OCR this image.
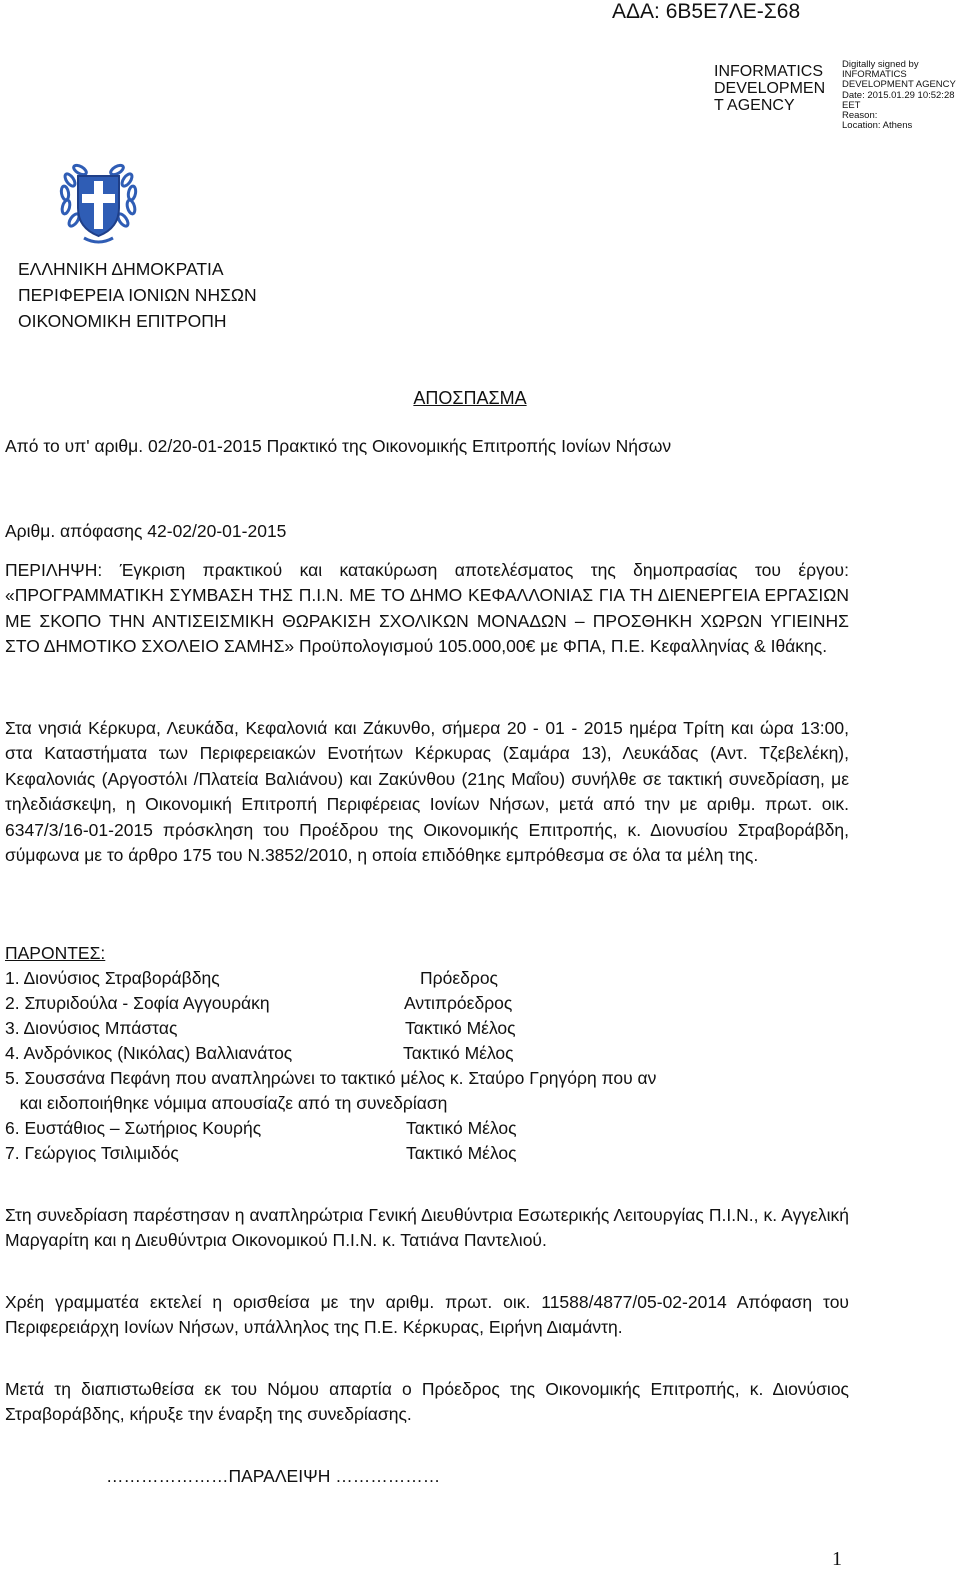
ΑΔΑ: 6Β5Ε7ΛΕ-Σ68
INFORMATICS
DEVELOPMEN
T AGENCY
Digitally signed by
INFORMATICS
DEVELOPMENT AGENCY
Date: 2015.01.29 10:52:28
EET
Reason:
Location: Athens
ΕΛΛΗΝΙΚΗ ΔΗΜΟΚΡΑΤΙΑ
ΠΕΡΙΦΕΡΕΙΑ ΙΟΝΙΩΝ ΝΗΣΩΝ
ΟΙΚΟΝΟΜΙΚΗ ΕΠΙΤΡΟΠΗ
ΑΠΟΣΠΑΣΜΑ
Από το υπ' αριθμ. 02/20-01-2015 Πρακτικό της Οικονομικής Επιτροπής Ιονίων Νήσων
Αριθμ. απόφασης 42-02/20-01-2015
ΠΕΡΙΛΗΨΗ: Έγκριση πρακτικού και κατακύρωση αποτελέσματος της δημοπρασίας του έργου: «ΠΡΟΓΡΑΜΜΑΤΙΚΗ ΣΥΜΒΑΣΗ ΤΗΣ Π.Ι.Ν. ΜΕ ΤΟ ΔΗΜΟ ΚΕΦΑΛΛΟΝΙΑΣ ΓΙΑ ΤΗ ΔΙΕΝΕΡΓΕΙΑ ΕΡΓΑΣΙΩΝ ΜΕ ΣΚΟΠΟ ΤΗΝ ΑΝΤΙΣΕΙΣΜΙΚΗ ΘΩΡΑΚΙΣΗ ΣΧΟΛΙΚΩΝ ΜΟΝΑΔΩΝ – ΠΡΟΣΘΗΚΗ ΧΩΡΩΝ ΥΓΙΕΙΝΗΣ ΣΤΟ ΔΗΜΟΤΙΚΟ ΣΧΟΛΕΙΟ ΣΑΜΗΣ» Προϋπολογισμού 105.000,00€ με ΦΠΑ, Π.Ε. Κεφαλληνίας & Ιθάκης.
Στα νησιά Κέρκυρα, Λευκάδα, Κεφαλονιά και Ζάκυνθο, σήμερα 20 - 01 - 2015 ημέρα Τρίτη και ώρα 13:00, στα Καταστήματα των Περιφερειακών Ενοτήτων Κέρκυρας (Σαμάρα 13), Λευκάδας (Αντ. Τζεβελέκη), Κεφαλονιάς (Αργοστόλι /Πλατεία Βαλιάνου) και Ζακύνθου (21ης Μαΐου) συνήλθε σε τακτική συνεδρίαση, με τηλεδιάσκεψη, η Οικονομική Επιτροπή Περιφέρειας Ιονίων Νήσων, μετά από την με αριθμ. πρωτ. οικ. 6347/3/16-01-2015 πρόσκληση του Προέδρου της Οικονομικής Επιτροπής, κ. Διονυσίου Στραβοράβδη, σύμφωνα με το άρθρο 175 του Ν.3852/2010, η οποία επιδόθηκε εμπρόθεσμα σε όλα τα μέλη της.
ΠΑΡΟΝΤΕΣ:
1. Διονύσιος Στραβοράβδης	Πρόεδρος
2. Σπυριδούλα - Σοφία Αγγουράκη	Αντιπρόεδρος
3. Διονύσιος Μπάστας	Τακτικό Μέλος
4. Ανδρόνικος (Νικόλας) Βαλλιανάτος	Τακτικό Μέλος
5. Σουσσάνα Πεφάνη που αναπληρώνει το τακτικό μέλος κ. Σταύρο Γρηγόρη που αν
και ειδοποιήθηκε νόμιμα απουσίαζε από τη συνεδρίαση
6. Ευστάθιος – Σωτήριος Κουρής	Τακτικό Μέλος
7. Γεώργιος Τσιλιμιδός	Τακτικό Μέλος
Στη συνεδρίαση παρέστησαν η αναπληρώτρια Γενική Διευθύντρια Εσωτερικής Λειτουργίας Π.Ι.Ν., κ. Αγγελική Μαργαρίτη και η Διευθύντρια Οικονομικού Π.Ι.Ν. κ. Τατιάνα Παντελιού.
Χρέη γραμματέα εκτελεί η ορισθείσα με την αριθμ. πρωτ. οικ. 11588/4877/05-02-2014 Απόφαση του Περιφερειάρχη Ιονίων Νήσων, υπάλληλος της Π.Ε. Κέρκυρας, Ειρήνη Διαμάντη.
Μετά τη διαπιστωθείσα εκ του Νόμου απαρτία ο Πρόεδρος της Οικονομικής Επιτροπής, κ. Διονύσιος Στραβοράβδης, κήρυξε την έναρξη της συνεδρίασης.
…………………ΠΑΡΑΛΕΙΨΗ ………………
1
